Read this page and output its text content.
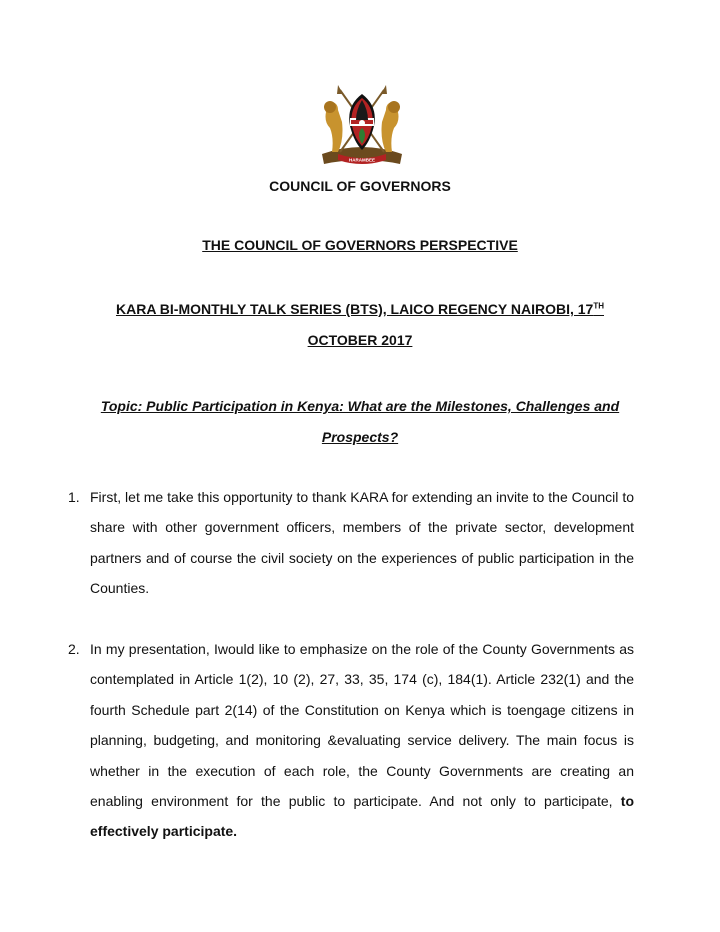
HARAMBEE
COUNCIL OF GOVERNORS
THE COUNCIL OF GOVERNORS PERSPECTIVE
KARA BI-MONTHLY TALK SERIES (BTS), LAICO REGENCY NAIROBI, 17TH
OCTOBER 2017
Topic: Public Participation in Kenya: What are the Milestones, Challenges and
Prospects?
1. First, let me take this opportunity to thank KARA for extending an invite to the Council to share with other government officers, members of the private sector, development partners and of course the civil society on the experiences of public participation in the Counties.
2. In my presentation, Iwould like to emphasize on the role of the County Governments as contemplated in Article 1(2), 10 (2), 27, 33, 35, 174 (c), 184(1). Article 232(1) and the fourth Schedule part 2(14) of the Constitution on Kenya which is toengage citizens in planning, budgeting, and monitoring &evaluating service delivery. The main focus is whether in the execution of each role, the County Governments are creating an enabling environment for the public to participate. And not only to participate, to effectively participate.
